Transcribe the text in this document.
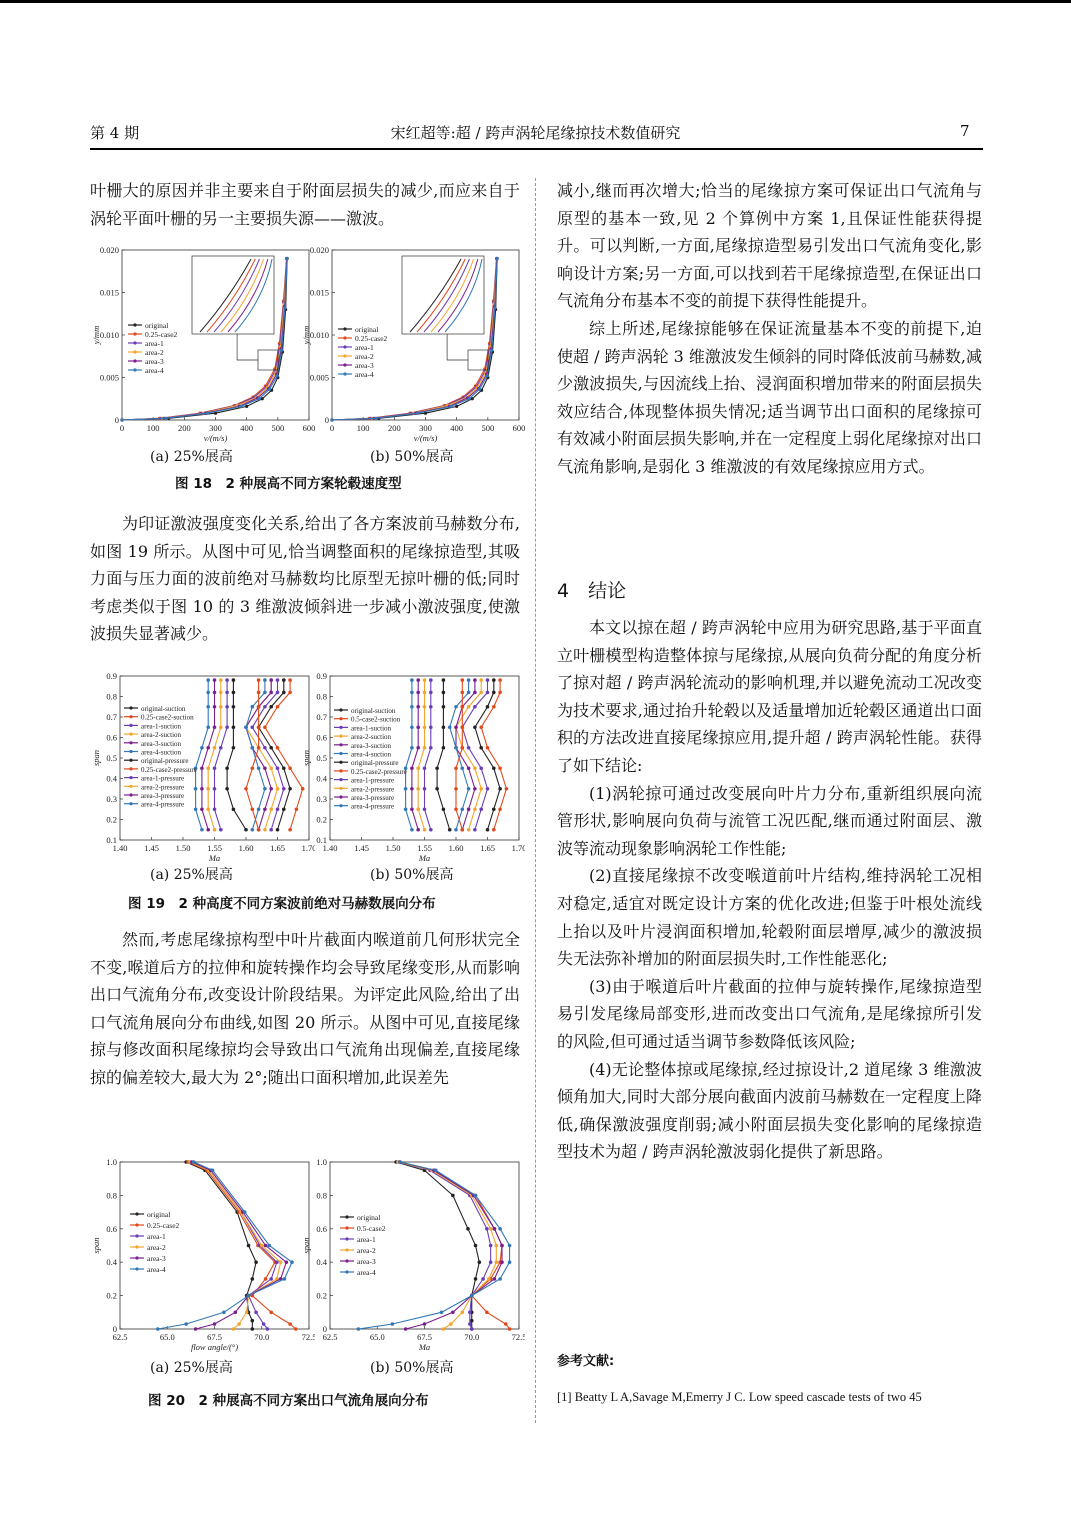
第 4 期	宋红超等:超 / 跨声涡轮尾缘掠技术数值研究	7

叶栅大的原因并非主要来自于附面层损失的减少,而应来自于涡轮平面叶栅的另一主要损失源——激波。

0	100 200 300 400 500 600
0
0.005
0.010
0.015
0.020
v/(m/s)
y/mm
original
0.25-case2
area-1
area-2
area-3
area-4
0	100 200 300 400 500 600
0
0.005
0.010
0.015
0.020
v/(m/s)
y/mm	original
0.25-case2
area-1
area-2
area-3
area-4
(a) 25%展高	(b) 50%展高
图 18　2 种展高不同方案轮毂速度型

为印证激波强度变化关系,给出了各方案波前马赫数分布,如图 19 所示。从图中可见,恰当调整面积的尾缘掠造型,其吸力面与压力面的波前绝对马赫数均比原型无掠叶栅的低;同时考虑类似于图 10 的 3 维激波倾斜进一步减小激波强度,使激波损失显著减少。

1.40 1.45 1.50 1.55 1.60 1.65 1.70
0.1
0.2
0.3
0.4
0.5
0.6
0.7
0.8
0.9
Ma
span
original-suction
0.25-case2-suction
area-1-suction
area-2-suction
area-3-suction
area-4-suction
original-pressure
0.25-case2-pressure
area-1-pressure
area-2-pressure
area-3-pressure
area-4-pressure
1.40 1.45 1.50 1.55 1.60 1.65 1.70
0.1
0.2
0.3
0.4
0.5
0.6
0.7
0.8
0.9
Ma
span
original-suction
0.5-case2-suction
area-1-suction
area-2-suction
area-3-suction
area-4-suction
original-pressure
0.25-case2-pressure
area-1-pressure
area-2-pressure
area-3-pressure
area-4-pressure
(a) 25%展高	(b) 50%展高
图 19　2 种高度不同方案波前绝对马赫数展向分布

然而,考虑尾缘掠构型中叶片截面内喉道前几何形状完全不变,喉道后方的拉伸和旋转操作均会导致尾缘变形,从而影响出口气流角分布,改变设计阶段结果。为评定此风险,给出了出口气流角展向分布曲线,如图 20 所示。从图中可见,直接尾缘掠与修改面积尾缘掠均会导致出口气流角出现偏差,直接尾缘掠的偏差较大,最大为 2°;随出口面积增加,此误差先

62.5	65.0	67.5	70.0	72.5
0
0.2
0.4
0.6
0.8
1.0
flow angle/(°)
span
original
0.25-case2
area-1
area-2
area-3
area-4
62.5	65.0	67.5	70.0	72.5
0
0.2
0.4
0.6
0.8
1.0
Ma
span
original
0.5-case2
area-1
area-2
area-3
area-4
(a) 25%展高	(b) 50%展高
图 20　2 种展高不同方案出口气流角展向分布

减小,继而再次增大;恰当的尾缘掠方案可保证出口气流角与原型的基本一致,见 2 个算例中方案 1,且保证性能获得提升。可以判断,一方面,尾缘掠造型易引发出口气流角变化,影响设计方案;另一方面,可以找到若干尾缘掠造型,在保证出口气流角分布基本不变的前提下获得性能提升。

综上所述,尾缘掠能够在保证流量基本不变的前提下,迫使超 / 跨声涡轮 3 维激波发生倾斜的同时降低波前马赫数,减少激波损失,与因流线上抬、浸润面积增加带来的附面层损失效应结合,体现整体损失情况;适当调节出口面积的尾缘掠可有效减小附面层损失影响,并在一定程度上弱化尾缘掠对出口气流角影响,是弱化 3 维激波的有效尾缘掠应用方式。

4　结论

本文以掠在超 / 跨声涡轮中应用为研究思路,基于平面直立叶栅模型构造整体掠与尾缘掠,从展向负荷分配的角度分析了掠对超 / 跨声涡轮流动的影响机理,并以避免流动工况改变为技术要求,通过抬升轮毂以及适量增加近轮毂区通道出口面积的方法改进直接尾缘掠应用,提升超 / 跨声涡轮性能。获得了如下结论:

(1)涡轮掠可通过改变展向叶片力分布,重新组织展向流管形状,影响展向负荷与流管工况匹配,继而通过附面层、激波等流动现象影响涡轮工作性能;

(2)直接尾缘掠不改变喉道前叶片结构,维持涡轮工况相对稳定,适宜对既定设计方案的优化改进;但鉴于叶根处流线上抬以及叶片浸润面积增加,轮毂附面层增厚,减少的激波损失无法弥补增加的附面层损失时,工作性能恶化;

(3)由于喉道后叶片截面的拉伸与旋转操作,尾缘掠造型易引发尾缘局部变形,进而改变出口气流角,是尾缘掠所引发的风险,但可通过适当调节参数降低该风险;

(4)无论整体掠或尾缘掠,经过掠设计,2 道尾缘 3 维激波倾角加大,同时大部分展向截面内波前马赫数在一定程度上降低,确保激波强度削弱;减小附面层损失变化影响的尾缘掠造型技术为超 / 跨声涡轮激波弱化提供了新思路。

参考文献:
[1] Beatty L A,Savage M,Emerry J C. Low speed cascade tests of two 45
